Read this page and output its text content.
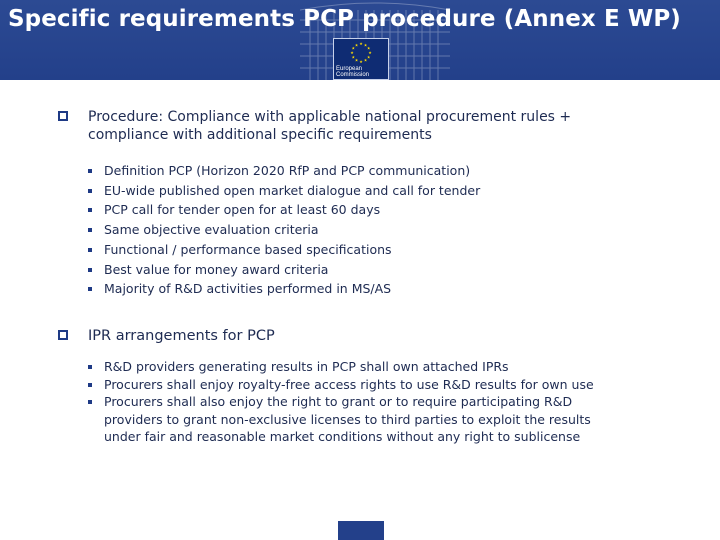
Specific requirements PCP procedure (Annex E WP)
★ ★
★
★
★
★
★
★
★
★
★
★
European
Commission
Procedure: Compliance with applicable national procurement rules +
compliance with additional specific requirements
Definition PCP (Horizon 2020 RfP and PCP communication)
EU-wide published open market dialogue and call for tender
PCP call for tender open for at least 60 days
Same objective evaluation criteria
Functional / performance based specifications
Best value for money award criteria
Majority of R&D activities performed in MS/AS
IPR arrangements for PCP
R&D providers generating results in PCP shall own attached IPRs
Procurers shall enjoy royalty-free access rights to use R&D results for own use
Procurers shall also enjoy the right to grant or to require participating R&D
providers to grant non-exclusive licenses to third parties to exploit the results
under fair and reasonable market conditions without any right to sublicense
